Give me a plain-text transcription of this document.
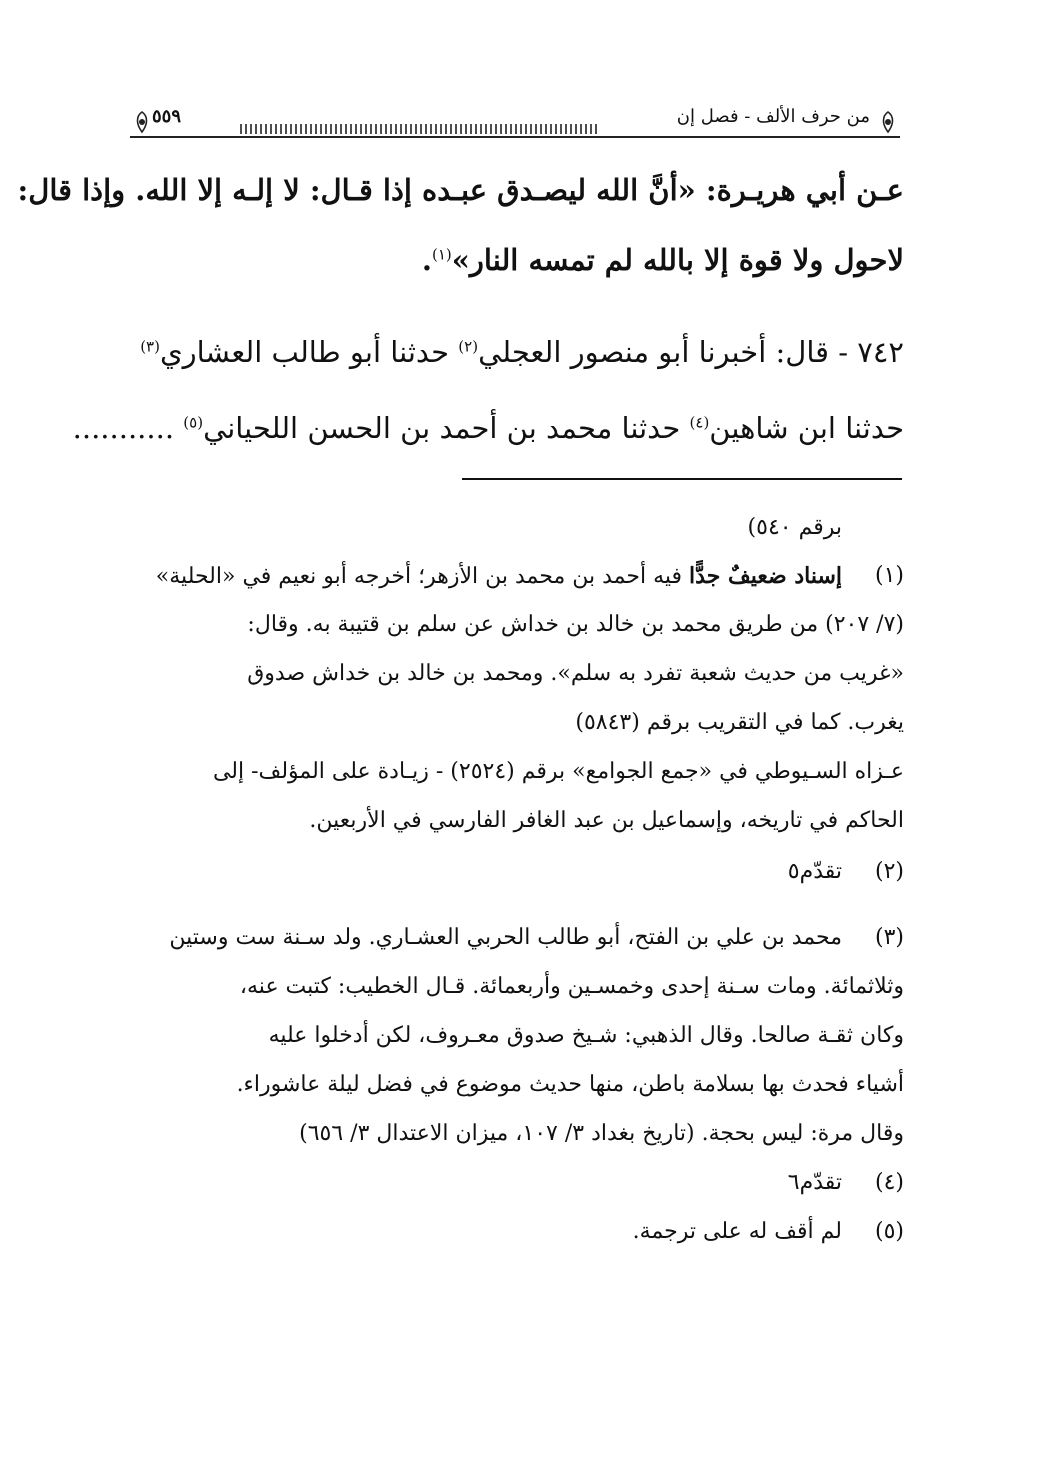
من حرف الألف - فصل إن
٥٥٩
عـن أبي هريـرة: «أنَّ الله ليصـدق عبـده إذا قـال: لا إلـه إلا الله. وإذا قال:
لاحول ولا قوة إلا بالله لم تمسه النار»$^{(١)}$.
٧٤٢ - قال: أخبرنا أبو منصور العجلي$^{(٢)}$ حدثنا أبو طالب العشاري$^{(٣)}$
حدثنا ابن شاهين$^{(٤)}$ حدثنا محمد بن أحمد بن الحسن اللحياني$^{(٥)}$ ...........
برقم ٥٤٠)
(١)
إسناد ضعيفٌ جدًّا فيه أحمد بن محمد بن الأزهر؛ أخرجه أبو نعيم في «الحلية»
(٧/ ٢٠٧) من طريق محمد بن خالد بن خداش عن سلم بن قتيبة به. وقال:
«غريب من حديث شعبة تفرد به سلم». ومحمد بن خالد بن خداش صدوق
يغرب. كما في التقريب برقم (٥٨٤٣)
عـزاه السـيوطي في «جمع الجوامع» برقم (٢٥٢٤) - زيـادة على المؤلف- إلى
الحاكم في تاريخه، وإسماعيل بن عبد الغافر الفارسي في الأربعين.
(٢)
تقدّم٥
(٣)
محمد بن علي بن الفتح، أبو طالب الحربي العشـاري. ولد سـنة ست وستين
وثلاثمائة. ومات سـنة إحدى وخمسـين وأربعمائة. قـال الخطيب: كتبت عنه،
وكان ثقـة صالحا. وقال الذهبي: شـيخ صدوق معـروف، لكن أدخلوا عليه
أشياء فحدث بها بسلامة باطن، منها حديث موضوع في فضل ليلة عاشوراء.
وقال مرة: ليس بحجة. (تاريخ بغداد ٣/ ١٠٧، ميزان الاعتدال ٣/ ٦٥٦)
(٤)
تقدّم٦
(٥)
لم أقف له على ترجمة.
